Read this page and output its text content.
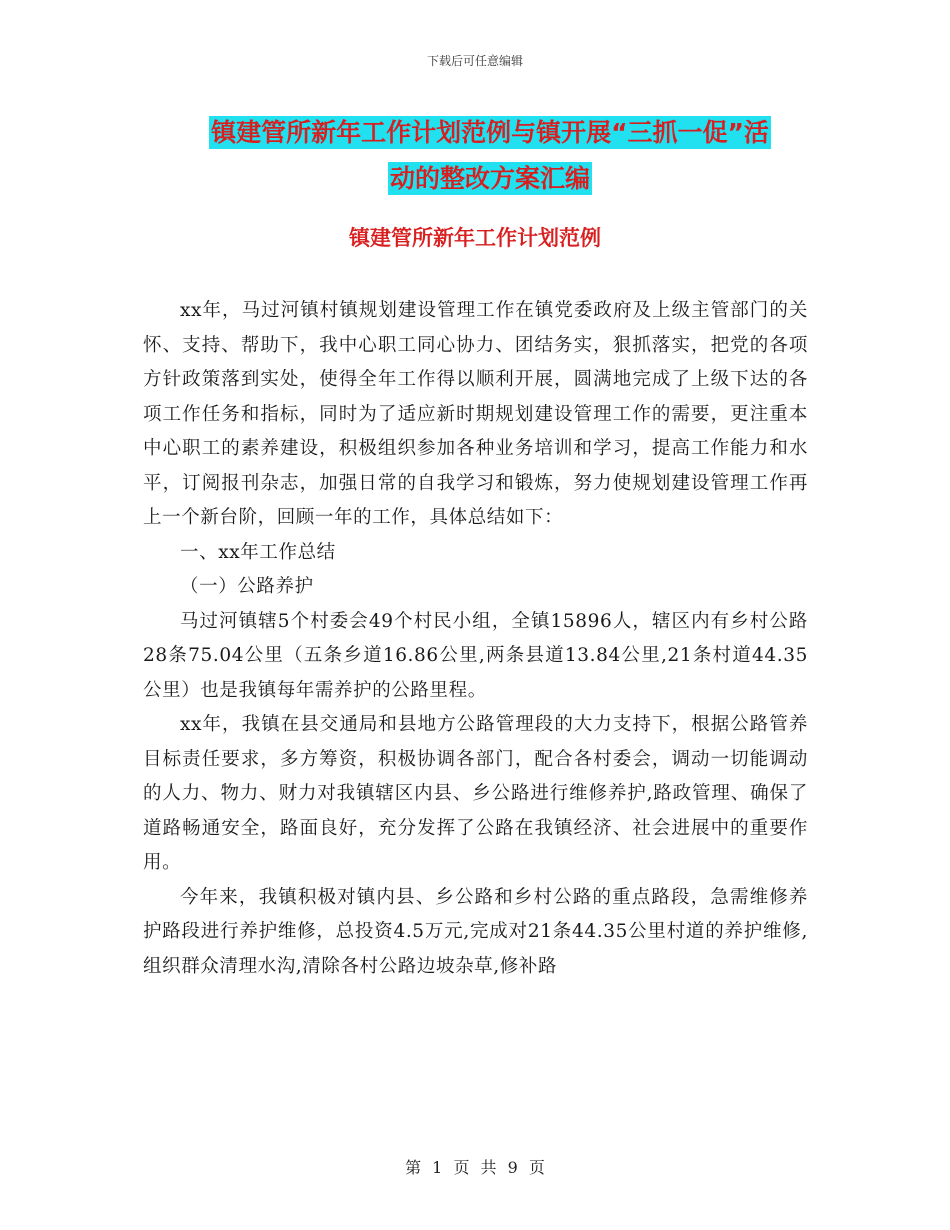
下载后可任意编辑
镇建管所新年工作计划范例与镇开展“三抓一促”活
动的整改方案汇编
镇建管所新年工作计划范例

xx年，马过河镇村镇规划建设管理工作在镇党委政府及上级主管部门的关怀、支持、帮助下，我中心职工同心协力、团结务实，狠抓落实，把党的各项方针政策落到实处，使得全年工作得以顺利开展，圆满地完成了上级下达的各项工作任务和指标，同时为了适应新时期规划建设管理工作的需要，更注重本中心职工的素养建设，积极组织参加各种业务培训和学习，提高工作能力和水平，订阅报刊杂志，加强日常的自我学习和锻炼，努力使规划建设管理工作再上一个新台阶，回顾一年的工作，具体总结如下：

一、xx年工作总结

（一）公路养护

马过河镇辖5个村委会49个村民小组，全镇15896人，辖区内有乡村公路28条75.04公里（五条乡道16.86公里,两条县道13.84公里,21条村道44.35公里）也是我镇每年需养护的公路里程。

xx年，我镇在县交通局和县地方公路管理段的大力支持下，根据公路管养目标责任要求，多方筹资，积极协调各部门，配合各村委会，调动一切能调动的人力、物力、财力对我镇辖区内县、乡公路进行维修养护,路政管理、确保了道路畅通安全，路面良好，充分发挥了公路在我镇经济、社会进展中的重要作用。

今年来，我镇积极对镇内县、乡公路和乡村公路的重点路段，急需维修养护路段进行养护维修，总投资4.5万元,完成对21条44.35公里村道的养护维修,组织群众清理水沟,清除各村公路边坡杂草,修补路

第 1 页 共 9 页
